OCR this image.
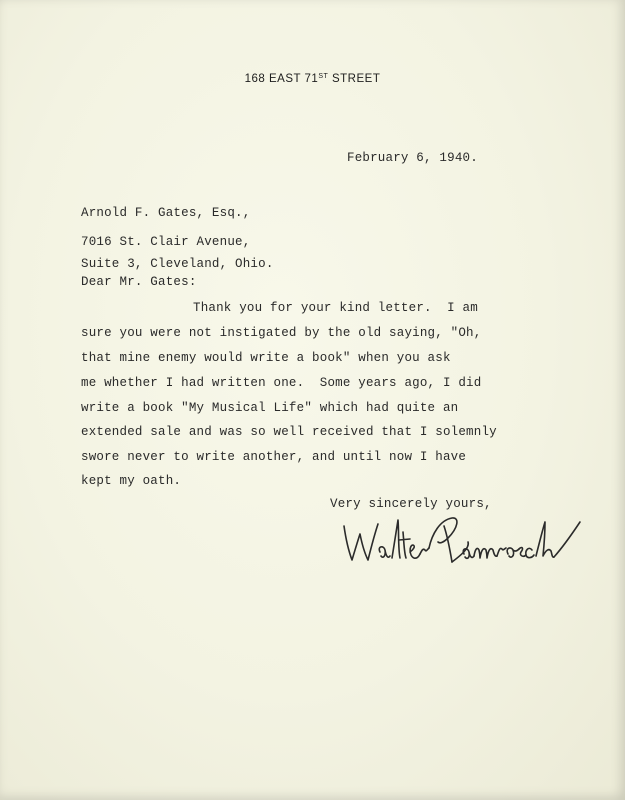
168 EAST 71ST STREET
February 6, 1940.
Arnold F. Gates, Esq.,
7016 St. Clair Avenue,
Suite 3, Cleveland, Ohio.
Dear Mr. Gates:
Thank you for your kind letter.  I am
sure you were not instigated by the old saying, "Oh,
that mine enemy would write a book" when you ask
me whether I had written one.  Some years ago, I did
write a book "My Musical Life" which had quite an
extended sale and was so well received that I solemnly
swore never to write another, and until now I have
kept my oath.
Very sincerely yours,
